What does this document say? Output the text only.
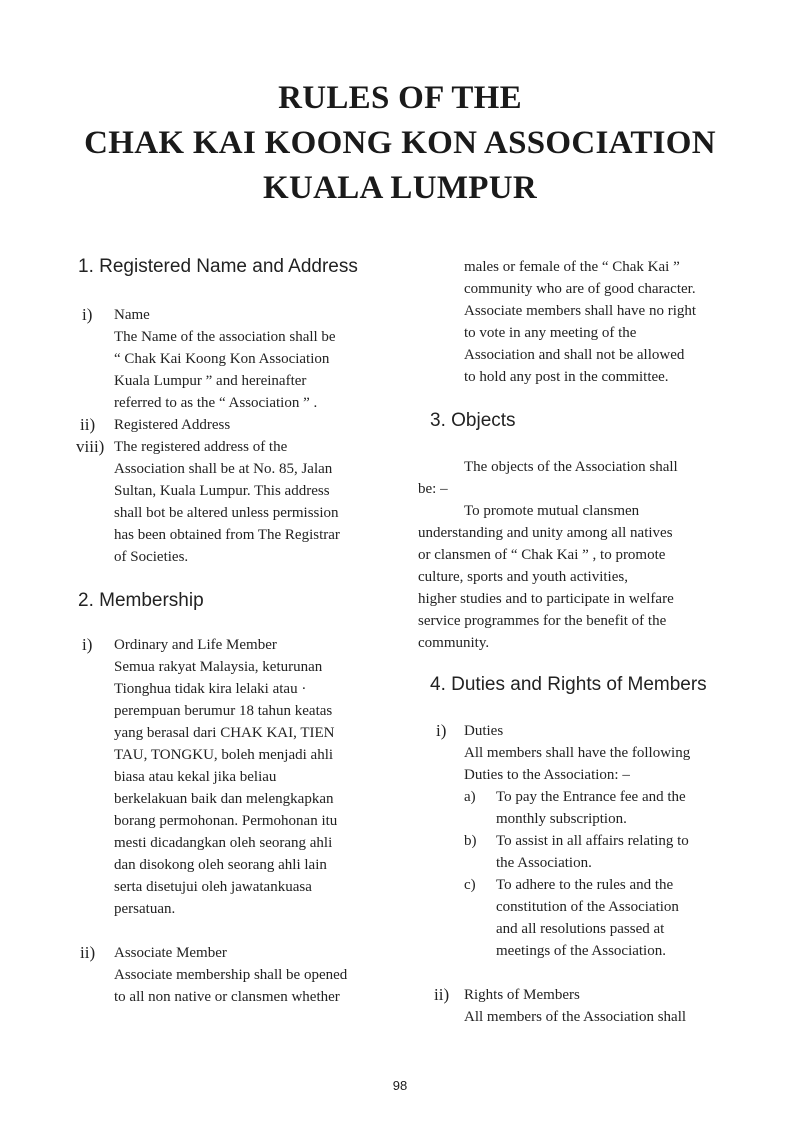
RULES OF THE
CHAK KAI KOONG KON ASSOCIATION
KUALA LUMPUR
1. Registered Name and Address
i) Name
The Name of the association shall be
“ Chak Kai Koong Kon Association
Kuala Lumpur ” and hereinafter
referred to as the “ Association ” .
ii) Registered Address
viii) The registered address of the
Association shall be at No. 85, Jalan
Sultan, Kuala Lumpur. This address
shall bot be altered unless permission
has been obtained from The Registrar
of Societies.
2. Membership
i) Ordinary and Life Member
Semua rakyat Malaysia, keturunan
Tionghua tidak kira lelaki atau ·
perempuan berumur 18 tahun keatas
yang berasal dari CHAK KAI, TIEN
TAU, TONGKU, boleh menjadi ahli
biasa atau kekal jika beliau
berkelakuan baik dan melengkapkan
borang permohonan. Permohonan itu
mesti dicadangkan oleh seorang ahli
dan disokong oleh seorang ahli lain
serta disetujui oleh jawatankuasa
persatuan.
ii) Associate Member
Associate membership shall be opened
to all non native or clansmen whether
males or female of the “ Chak Kai ”
community who are of good character.
Associate members shall have no right
to vote in any meeting of the
Association and shall not be allowed
to hold any post in the committee.
3. Objects
The objects of the Association shall
be: –
To promote mutual clansmen
understanding and unity among all natives
or clansmen of “ Chak Kai ” , to promote
culture, sports and youth activities,
higher studies and to participate in welfare
service programmes for the benefit of the
community.
4. Duties and Rights of Members
i) Duties
All members shall have the following
Duties to the Association: –
a) To pay the Entrance fee and the
monthly subscription.
b) To assist in all affairs relating to
the Association.
c) To adhere to the rules and the
constitution of the Association
and all resolutions passed at
meetings of the Association.
ii) Rights of Members
All members of the Association shall
98
